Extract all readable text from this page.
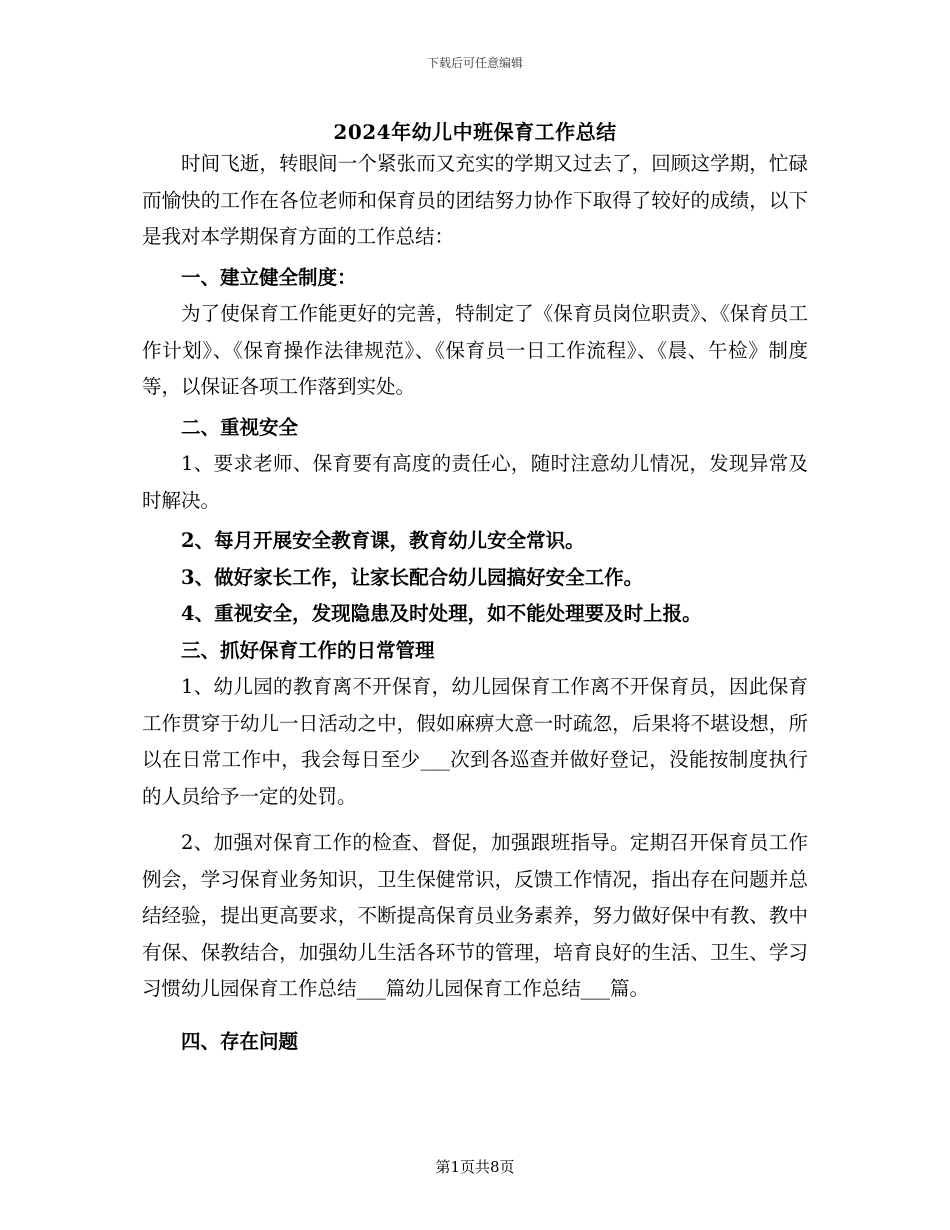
下载后可任意编辑
2024年幼儿中班保育工作总结

时间飞逝，转眼间一个紧张而又充实的学期又过去了，回顾这学期，忙碌而愉快的工作在各位老师和保育员的团结努力协作下取得了较好的成绩，以下是我对本学期保育方面的工作总结：

一、建立健全制度：

为了使保育工作能更好的完善，特制定了《保育员岗位职责》、《保育员工作计划》、《保育操作法律规范》、《保育员一日工作流程》、《晨、午检》制度等，以保证各项工作落到实处。

二、重视安全

1、要求老师、保育要有高度的责任心，随时注意幼儿情况，发现异常及时解决。

2、每月开展安全教育课，教育幼儿安全常识。

3、做好家长工作，让家长配合幼儿园搞好安全工作。

4、重视安全，发现隐患及时处理，如不能处理要及时上报。

三、抓好保育工作的日常管理

1、幼儿园的教育离不开保育，幼儿园保育工作离不开保育员，因此保育工作贯穿于幼儿一日活动之中，假如麻痹大意一时疏忽，后果将不堪设想，所以在日常工作中，我会每日至少___次到各巡查并做好登记，没能按制度执行的人员给予一定的处罚。

2、加强对保育工作的检查、督促，加强跟班指导。定期召开保育员工作例会，学习保育业务知识，卫生保健常识，反馈工作情况，指出存在问题并总结经验，提出更高要求，不断提高保育员业务素养，努力做好保中有教、教中有保、保教结合，加强幼儿生活各环节的管理，培育良好的生活、卫生、学习习惯幼儿园保育工作总结___篇幼儿园保育工作总结___篇。

四、存在问题

第1页共8页
